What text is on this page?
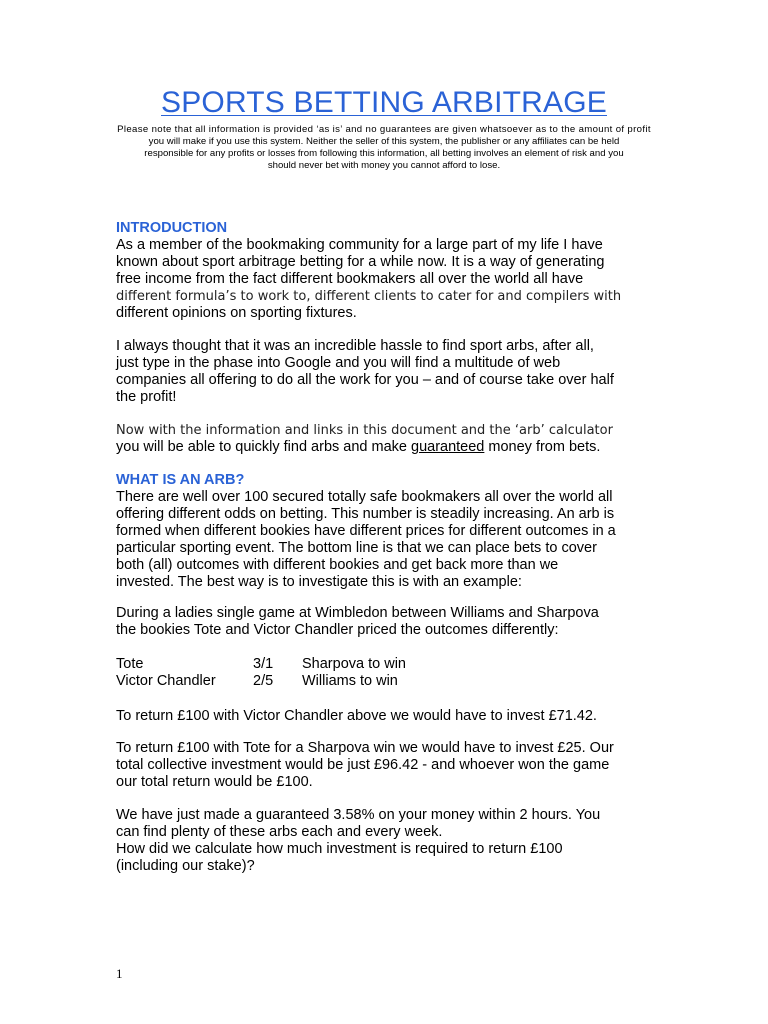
SPORTS BETTING ARBITRAGE
Please note that all information is provided ‘as is’ and no guarantees are given whatsoever as to the amount of profit
you will make if you use this system. Neither the seller of this system, the publisher or any affiliates can be held
responsible for any profits or losses from following this information, all betting involves an element of risk and you
should never bet with money you cannot afford to lose.
INTRODUCTION
As a member of the bookmaking community for a large part of my life I have
known about sport arbitrage betting for a while now. It is a way of generating
free income from the fact different bookmakers all over the world all have
different formula’s to work to, different clients to cater for and compilers with
different opinions on sporting fixtures.
I always thought that it was an incredible hassle to find sport arbs, after all,
just type in the phase into Google and you will find a multitude of web
companies all offering to do all the work for you – and of course take over half
the profit!
Now with the information and links in this document and the ‘arb’ calculator
you will be able to quickly find arbs and make guaranteed money from bets.
WHAT IS AN ARB?
There are well over 100 secured totally safe bookmakers all over the world all
offering different odds on betting. This number is steadily increasing. An arb is
formed when different bookies have different prices for different outcomes in a
particular sporting event. The bottom line is that we can place bets to cover
both (all) outcomes with different bookies and get back more than we
invested. The best way is to investigate this is with an example:
During a ladies single game at Wimbledon between Williams and Sharpova
the bookies Tote and Victor Chandler priced the outcomes differently:
Tote	3/1 Sharpova to win
Victor Chandler	2/5 Williams to win
To return £100 with Victor Chandler above we would have to invest £71.42.
To return £100 with Tote for a Sharpova win we would have to invest £25. Our
total collective investment would be just £96.42 - and whoever won the game
our total return would be £100.
We have just made a guaranteed 3.58% on your money within 2 hours. You
can find plenty of these arbs each and every week.
How did we calculate how much investment is required to return £100
(including our stake)?
1
